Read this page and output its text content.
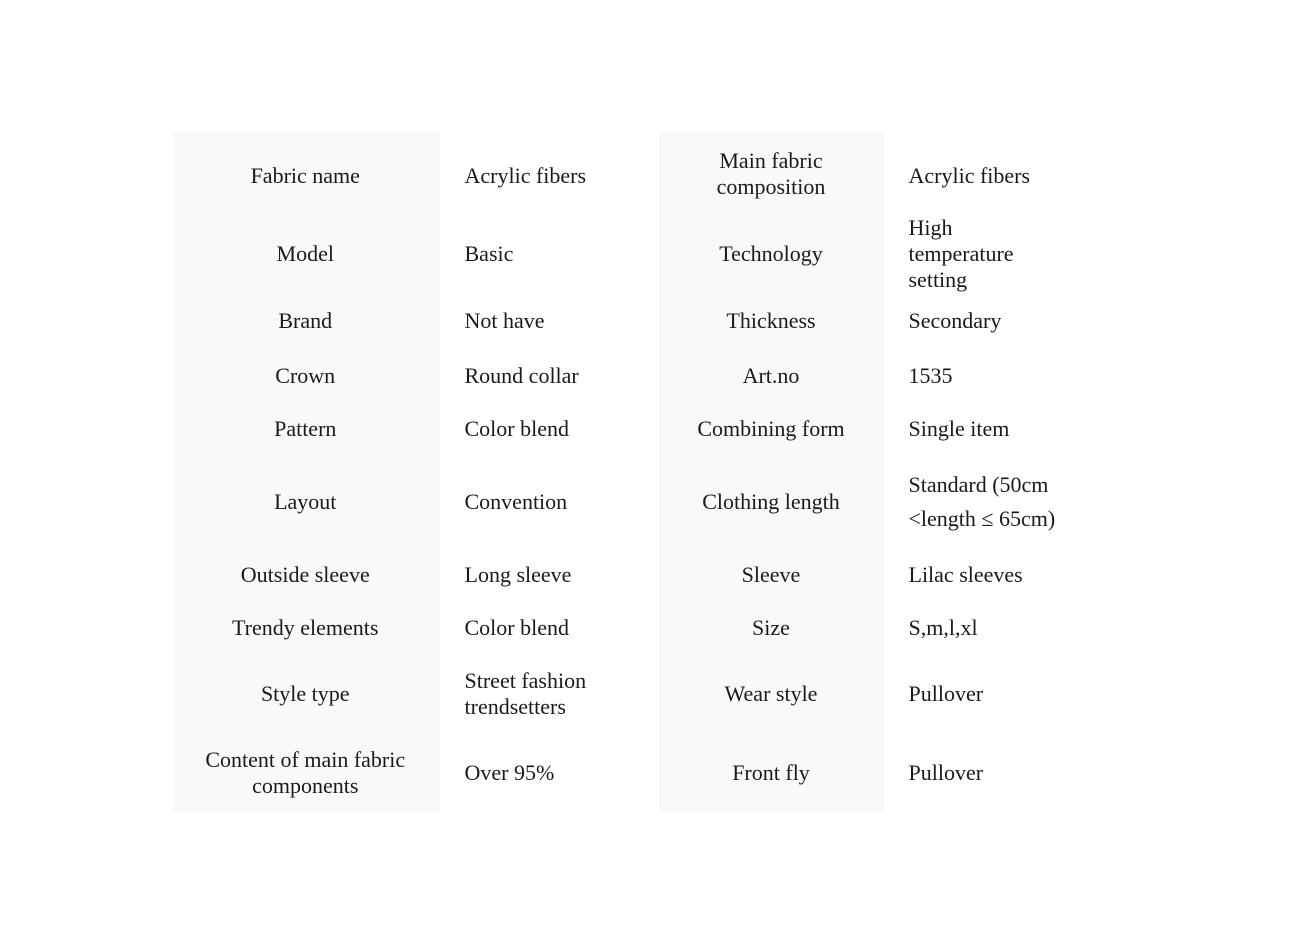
Fabric name	Acrylic fibers	Main fabric composition	Acrylic fibers
Model	Basic	Technology	High temperature setting
Brand	Not have	Thickness	Secondary
Crown	Round collar	Art.no	1535
Pattern	Color blend	Combining form	Single item
Layout	Convention	Clothing length	Standard (50cm <length ≤ 65cm)
Outside sleeve	Long sleeve	Sleeve	Lilac sleeves
Trendy elements	Color blend	Size	S,m,l,xl
Style type	Street fashion trendsetters	Wear style	Pullover
Content of main fabric components	Over 95%	Front fly	Pullover
